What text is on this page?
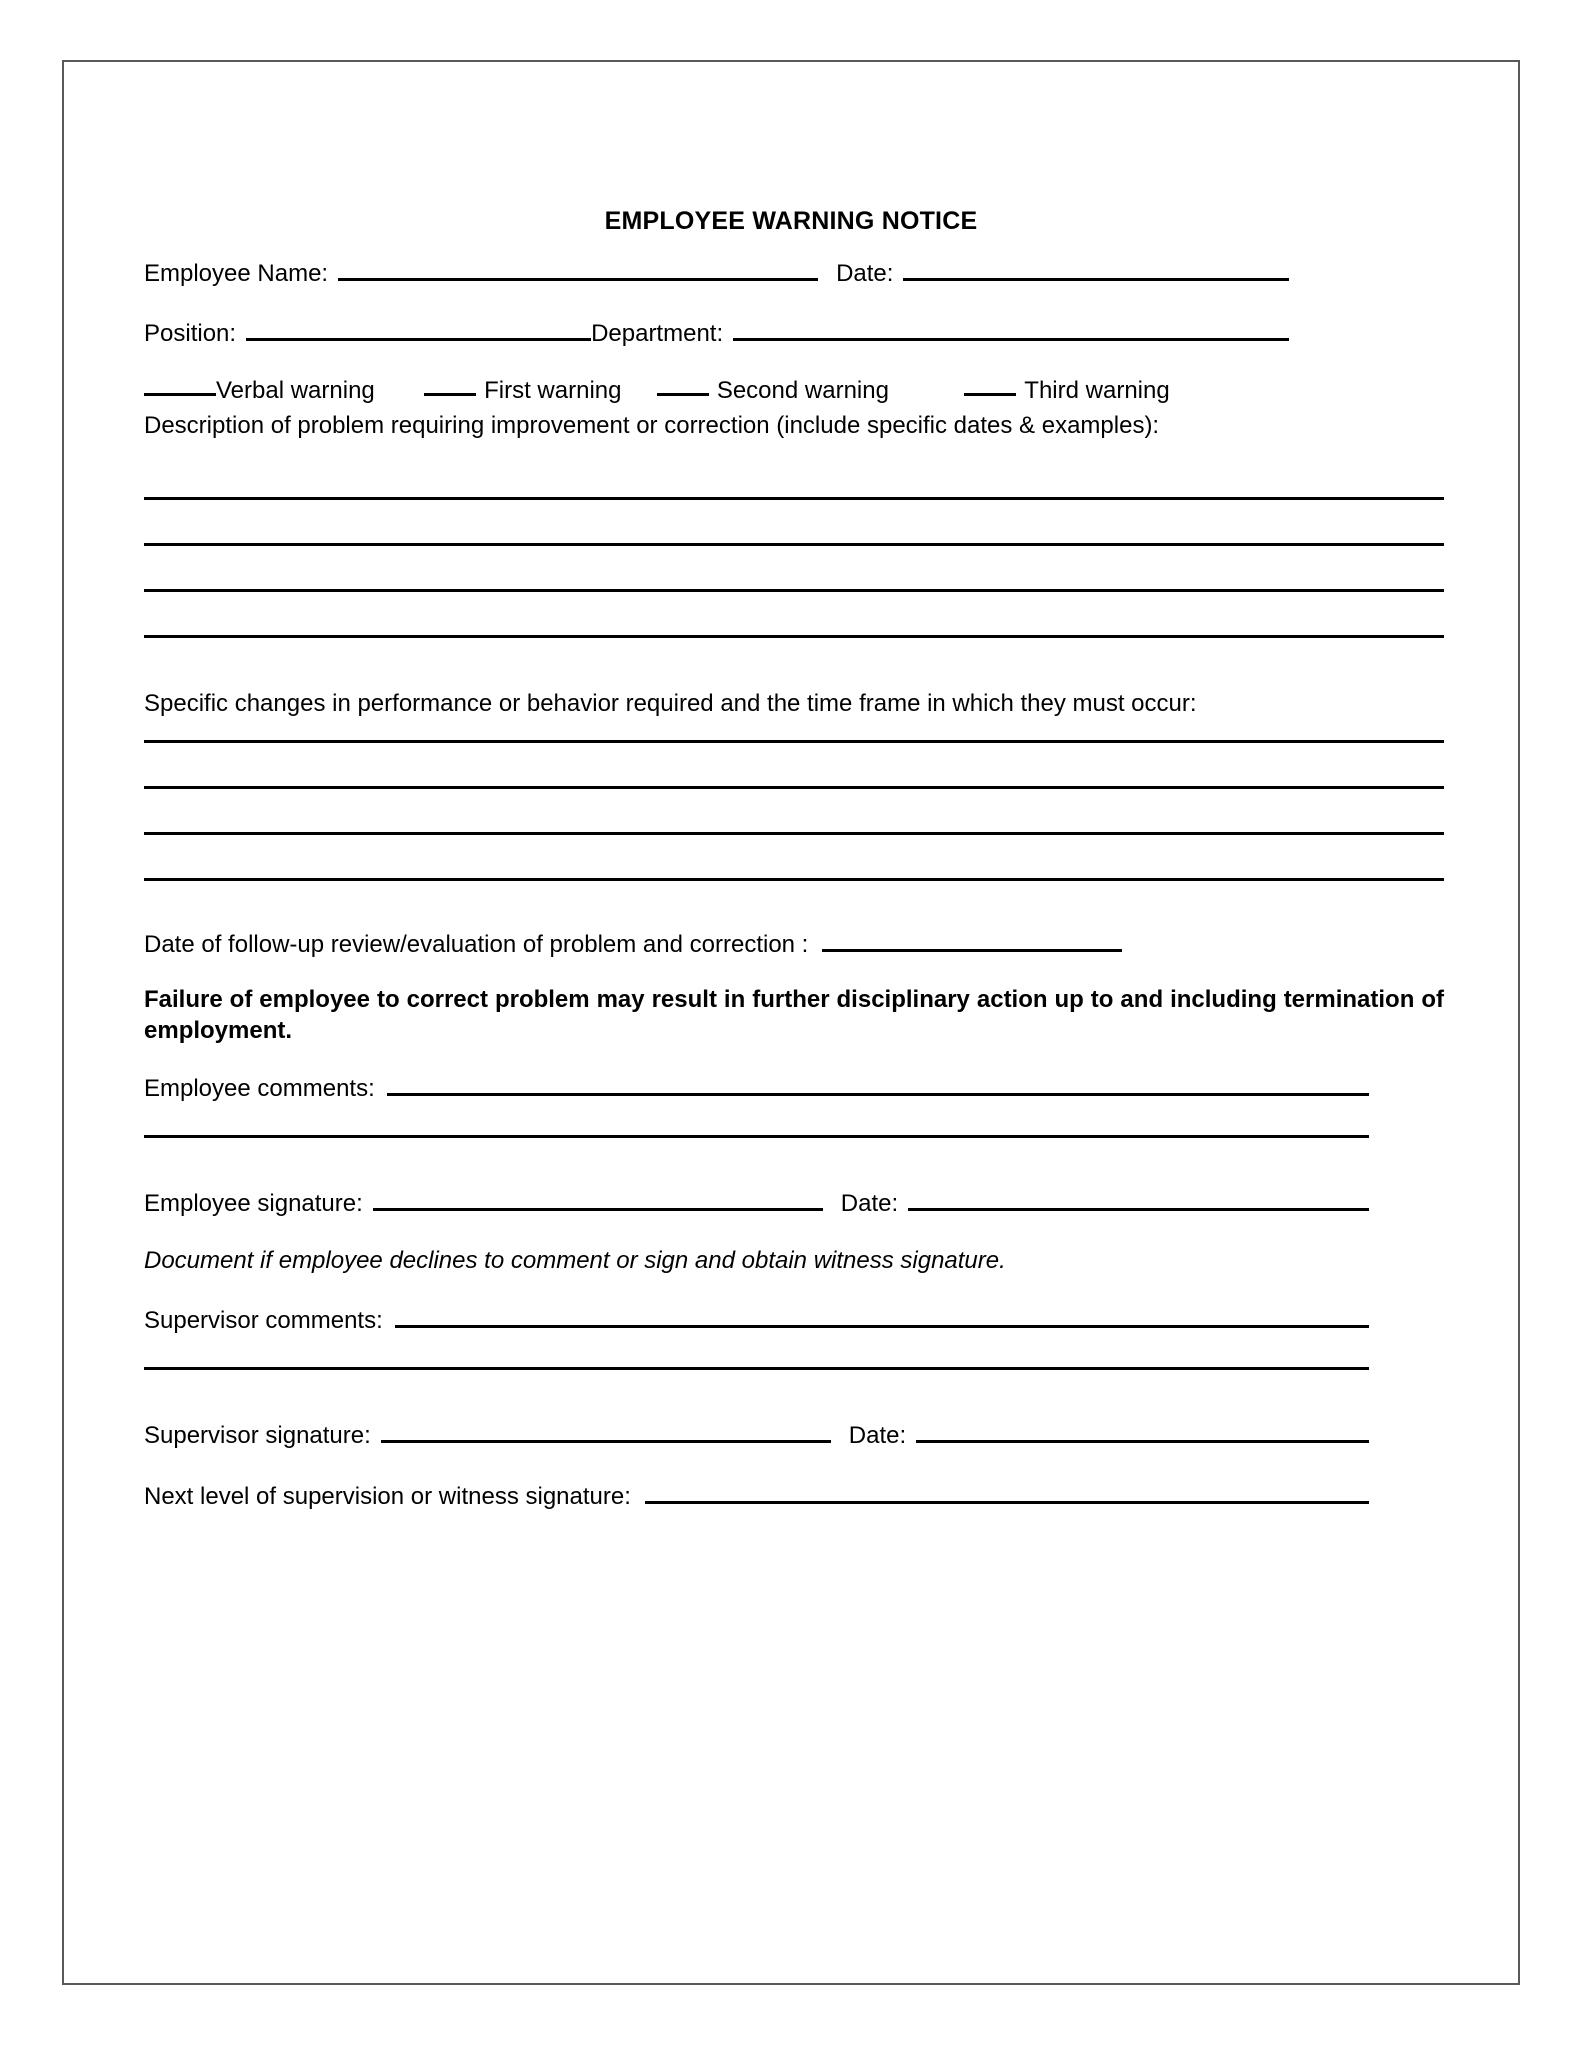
EMPLOYEE WARNING NOTICE
Employee Name:	Date:
Position:	Department:
Verbal warning	First warning	Second warning	Third warning
Description of problem requiring improvement or correction (include specific dates & examples):
Specific changes in performance or behavior required and the time frame in which they must occur:
Date of follow-up review/evaluation of problem and correction :
Failure of employee to correct problem may result in further disciplinary action up to and including termination of employment.
Employee comments:
Employee signature:	Date:
Document if employee declines to comment or sign and obtain witness signature.
Supervisor comments:
Supervisor signature:	Date:
Next level of supervision or witness signature:
